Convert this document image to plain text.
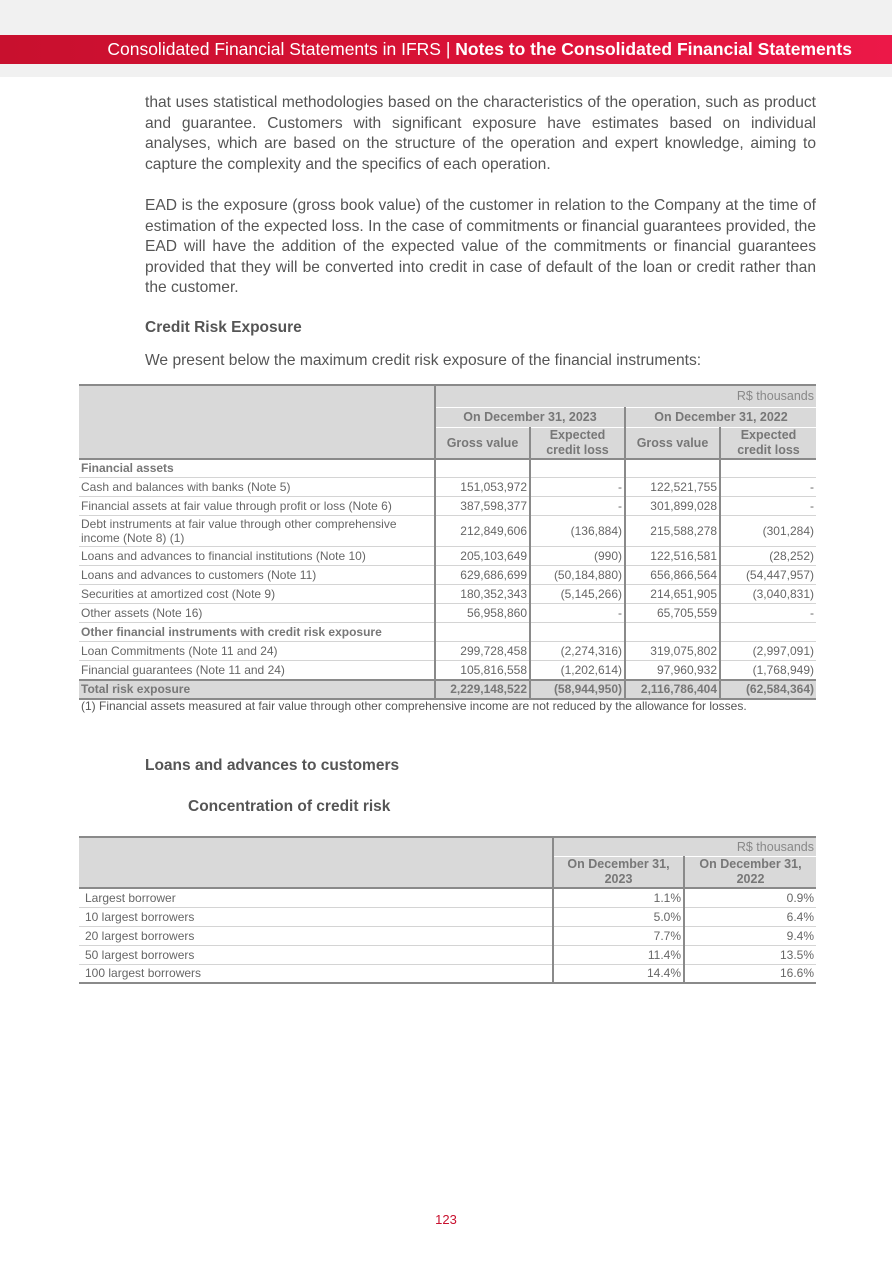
Consolidated Financial Statements in IFRS | Notes to the Consolidated Financial Statements

that uses statistical methodologies based on the characteristics of the operation, such as product and guarantee. Customers with significant exposure have estimates based on individual analyses, which are based on the structure of the operation and expert knowledge, aiming to capture the complexity and the specifics of each operation.

EAD is the exposure (gross book value) of the customer in relation to the Company at the time of estimation of the expected loss. In the case of commitments or financial guarantees provided, the EAD will have the addition of the expected value of the commitments or financial guarantees provided that they will be converted into credit in case of default of the loan or credit rather than the customer.

Credit Risk Exposure

We present below the maximum credit risk exposure of the financial instruments:

	R$ thousands			
	On December 31, 2023		On December 31, 2022	
	Gross value	Expected credit loss	Gross value	Expected credit loss
Financial assets				
Cash and balances with banks (Note 5)	151,053,972	-	122,521,755	-
Financial assets at fair value through profit or loss (Note 6)	387,598,377	-	301,899,028	-
Debt instruments at fair value through other comprehensive income (Note 8) (1)	212,849,606	(136,884)	215,588,278	(301,284)
Loans and advances to financial institutions (Note 10)	205,103,649	(990)	122,516,581	(28,252)
Loans and advances to customers (Note 11)	629,686,699	(50,184,880)	656,866,564	(54,447,957)
Securities at amortized cost (Note 9)	180,352,343	(5,145,266)	214,651,905	(3,040,831)
Other assets (Note 16)	56,958,860	-	65,705,559	-
Other financial instruments with credit risk exposure				
Loan Commitments (Note 11 and 24)	299,728,458	(2,274,316)	319,075,802	(2,997,091)
Financial guarantees (Note 11 and 24)	105,816,558	(1,202,614)	97,960,932	(1,768,949)
Total risk exposure	2,229,148,522	(58,944,950)	2,116,786,404	(62,584,364)
(1) Financial assets measured at fair value through other comprehensive income are not reduced by the allowance for losses.
Loans and advances to customers
Concentration of credit risk
	R$ thousands	
	On December 31, 2023	On December 31, 2022
Largest borrower	1.1%	0.9%
10 largest borrowers	5.0%	6.4%
20 largest borrowers	7.7%	9.4%
50 largest borrowers	11.4%	13.5%
100 largest borrowers	14.4%	16.6%
123
